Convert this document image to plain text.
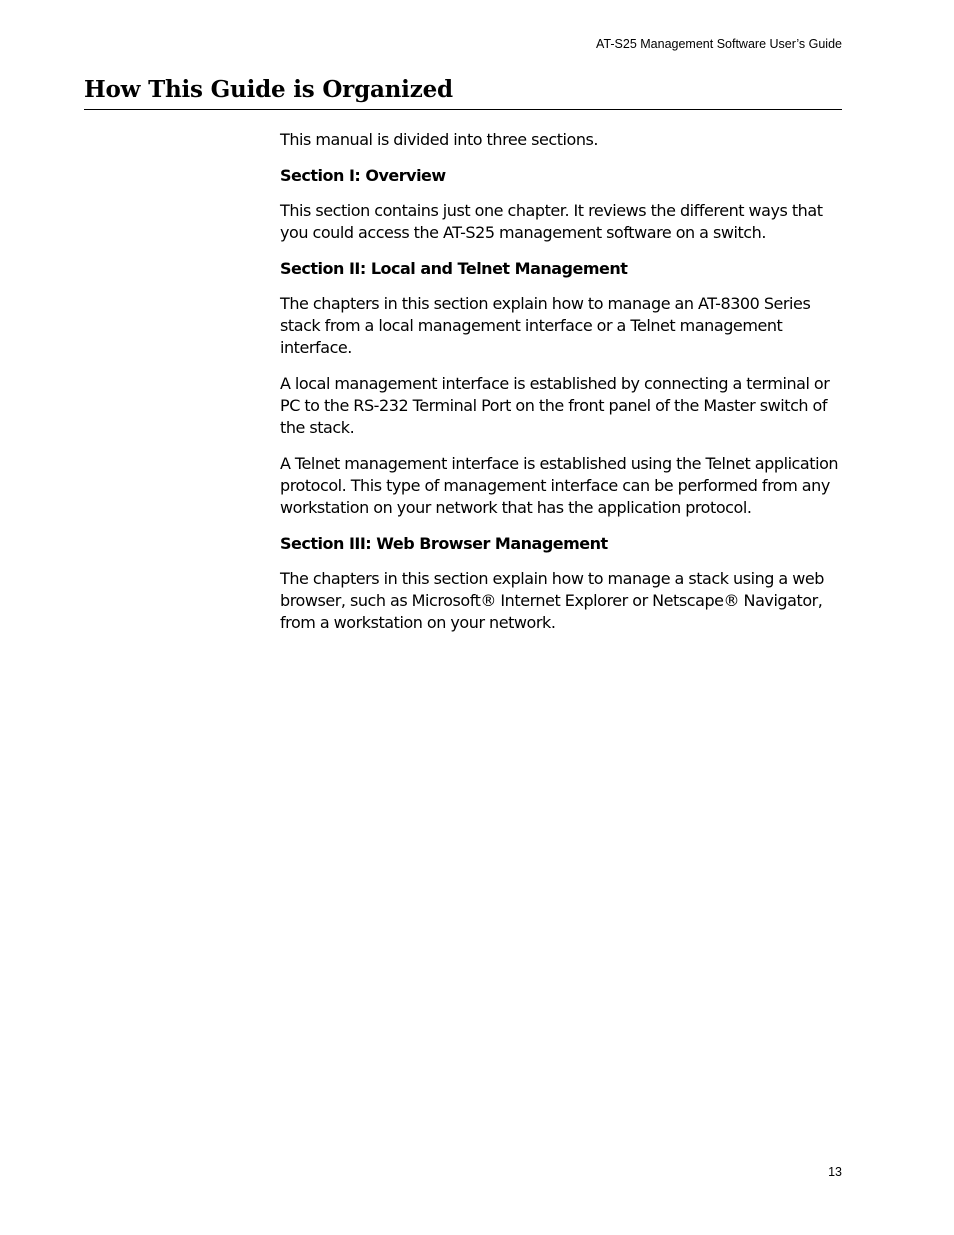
AT-S25 Management Software User’s Guide
How This Guide is Organized

This manual is divided into three sections.

Section I: Overview

This section contains just one chapter. It reviews the different ways that you could access the AT-S25 management software on a switch.

Section II: Local and Telnet Management

The chapters in this section explain how to manage an AT-8300 Series stack from a local management interface or a Telnet management interface.

A local management interface is established by connecting a terminal or PC to the RS-232 Terminal Port on the front panel of the Master switch of the stack.

A Telnet management interface is established using the Telnet application protocol. This type of management interface can be performed from any workstation on your network that has the application protocol.

Section III: Web Browser Management

The chapters in this section explain how to manage a stack using a web browser, such as Microsoft® Internet Explorer or Netscape® Navigator, from a workstation on your network.

13
